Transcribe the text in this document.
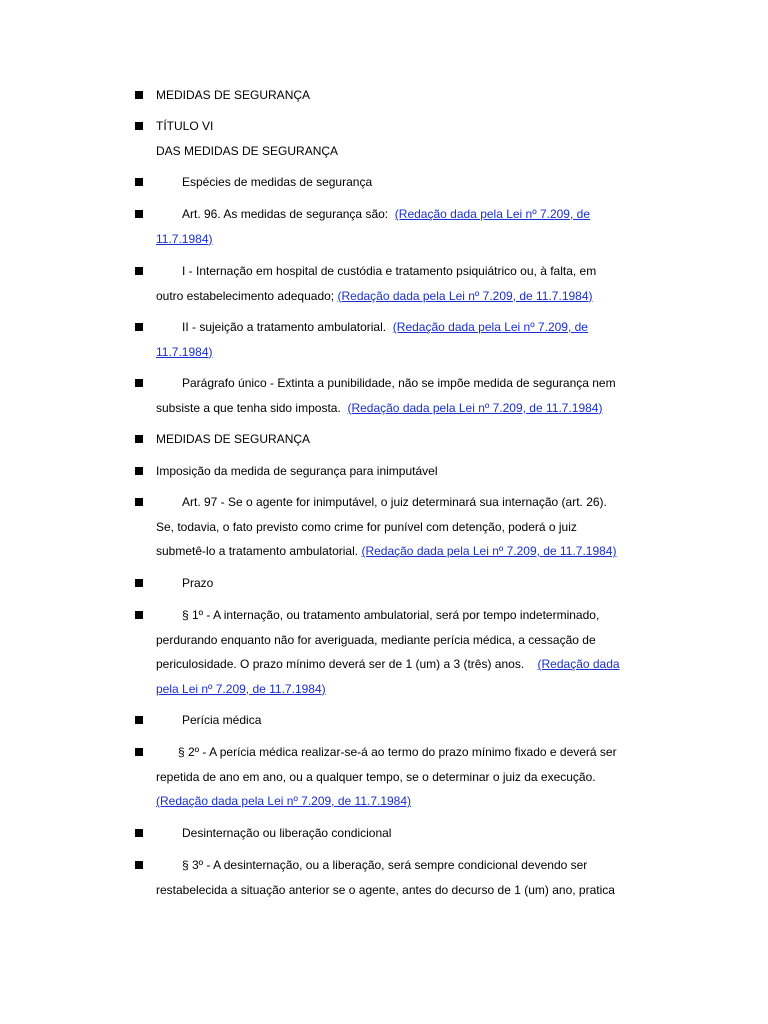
MEDIDAS DE SEGURANÇA
TÍTULO VI
DAS MEDIDAS DE SEGURANÇA
Espécies de medidas de segurança
Art. 96. As medidas de segurança são: (Redação dada pela Lei nº 7.209, de
11.7.1984)
I - Internação em hospital de custódia e tratamento psiquiátrico ou, à falta, em
outro estabelecimento adequado; (Redação dada pela Lei nº 7.209, de 11.7.1984)
II - sujeição a tratamento ambulatorial. (Redação dada pela Lei nº 7.209, de
11.7.1984)
Parágrafo único - Extinta a punibilidade, não se impõe medida de segurança nem
subsiste a que tenha sido imposta. (Redação dada pela Lei nº 7.209, de 11.7.1984)
MEDIDAS DE SEGURANÇA
Imposição da medida de segurança para inimputável
Art. 97 - Se o agente for inimputável, o juiz determinará sua internação (art. 26).
Se, todavia, o fato previsto como crime for punível com detenção, poderá o juiz
submetê-lo a tratamento ambulatorial. (Redação dada pela Lei nº 7.209, de 11.7.1984)
Prazo
§ 1º - A internação, ou tratamento ambulatorial, será por tempo indeterminado,
perdurando enquanto não for averiguada, mediante perícia médica, a cessação de
periculosidade. O prazo mínimo deverá ser de 1 (um) a 3 (três) anos. (Redação dada
pela Lei nº 7.209, de 11.7.1984)
Perícia médica
§ 2º - A perícia médica realizar-se-á ao termo do prazo mínimo fixado e deverá ser
repetida de ano em ano, ou a qualquer tempo, se o determinar o juiz da execução.
(Redação dada pela Lei nº 7.209, de 11.7.1984)
Desinternação ou liberação condicional
§ 3º - A desinternação, ou a liberação, será sempre condicional devendo ser
restabelecida a situação anterior se o agente, antes do decurso de 1 (um) ano, pratica
